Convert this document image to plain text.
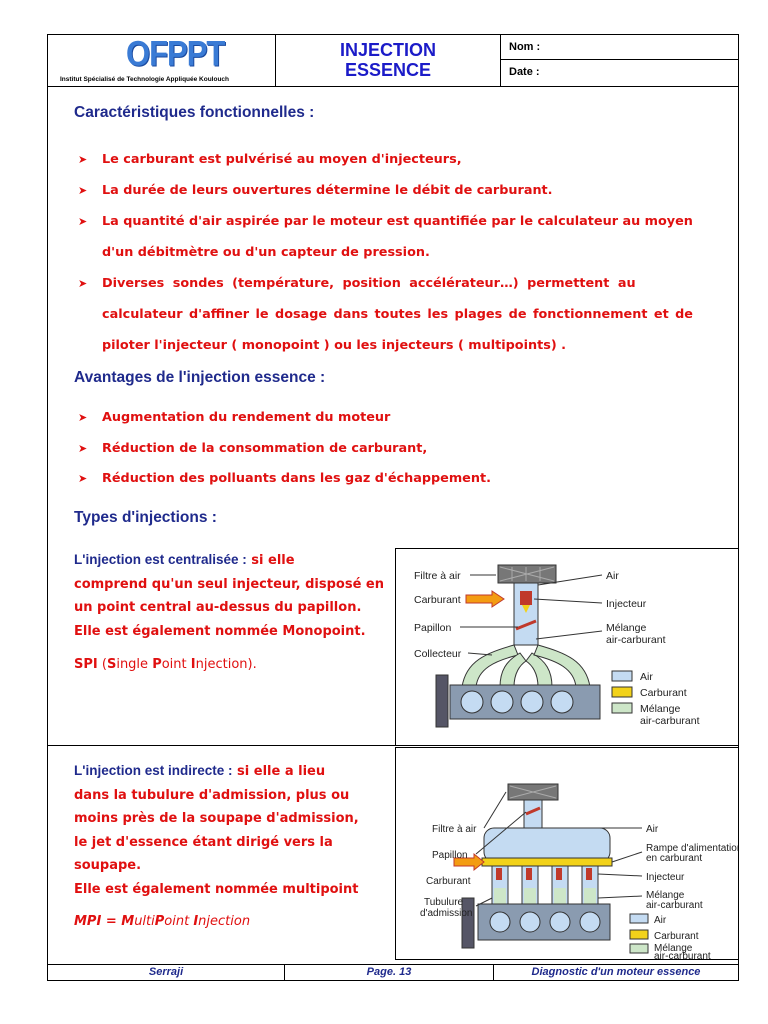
OFPPT
Institut Spécialisé de Technologie Appliquée Koulouch
INJECTION
ESSENCE
Nom :
Date :
Caractéristiques fonctionnelles :
➤ Le carburant est pulvérisé au moyen d'injecteurs,
➤ La durée de leurs ouvertures détermine le débit de carburant.
➤ La quantité d'air aspirée par le moteur est quantifiée par le calculateur au moyen
d'un débitmètre ou d'un capteur de pression.
➤ Diverses sondes (température, position accélérateur…) permettent au
calculateur d'affiner le dosage dans toutes les plages de fonctionnement et de
piloter l'injecteur ( monopoint ) ou les injecteurs ( multipoints) .
Avantages de l'injection essence :
➤ Augmentation du rendement du moteur
➤ Réduction de la consommation de carburant,
➤ Réduction des polluants dans les gaz d'échappement.
Types d'injections :
L'injection est centralisée : si elle
comprend qu'un seul injecteur, disposé en
un point central au-dessus du papillon.
Elle est également nommée Monopoint.
SPI (Single Point Injection).
Filtre à air
Carburant
Papillon
Collecteur
Air
Injecteur
Mélange
air-carburant
Air
Carburant
Mélange
air-carburant
L'injection est indirecte : si elle a lieu
dans la tubulure d'admission, plus ou
moins près de la soupape d'admission,
le jet d'essence étant dirigé vers la
soupape.
Elle est également nommée multipoint
MPI = MultiPoint Injection
Filtre à air
Papillon
Carburant
Tubulure
d'admission
Air
Rampe d'alimentation
en carburant
Injecteur
Mélange
air-carburant
Air
Carburant
Mélange
air-carburant
Serraji	Page. 13	Diagnostic d'un moteur essence
